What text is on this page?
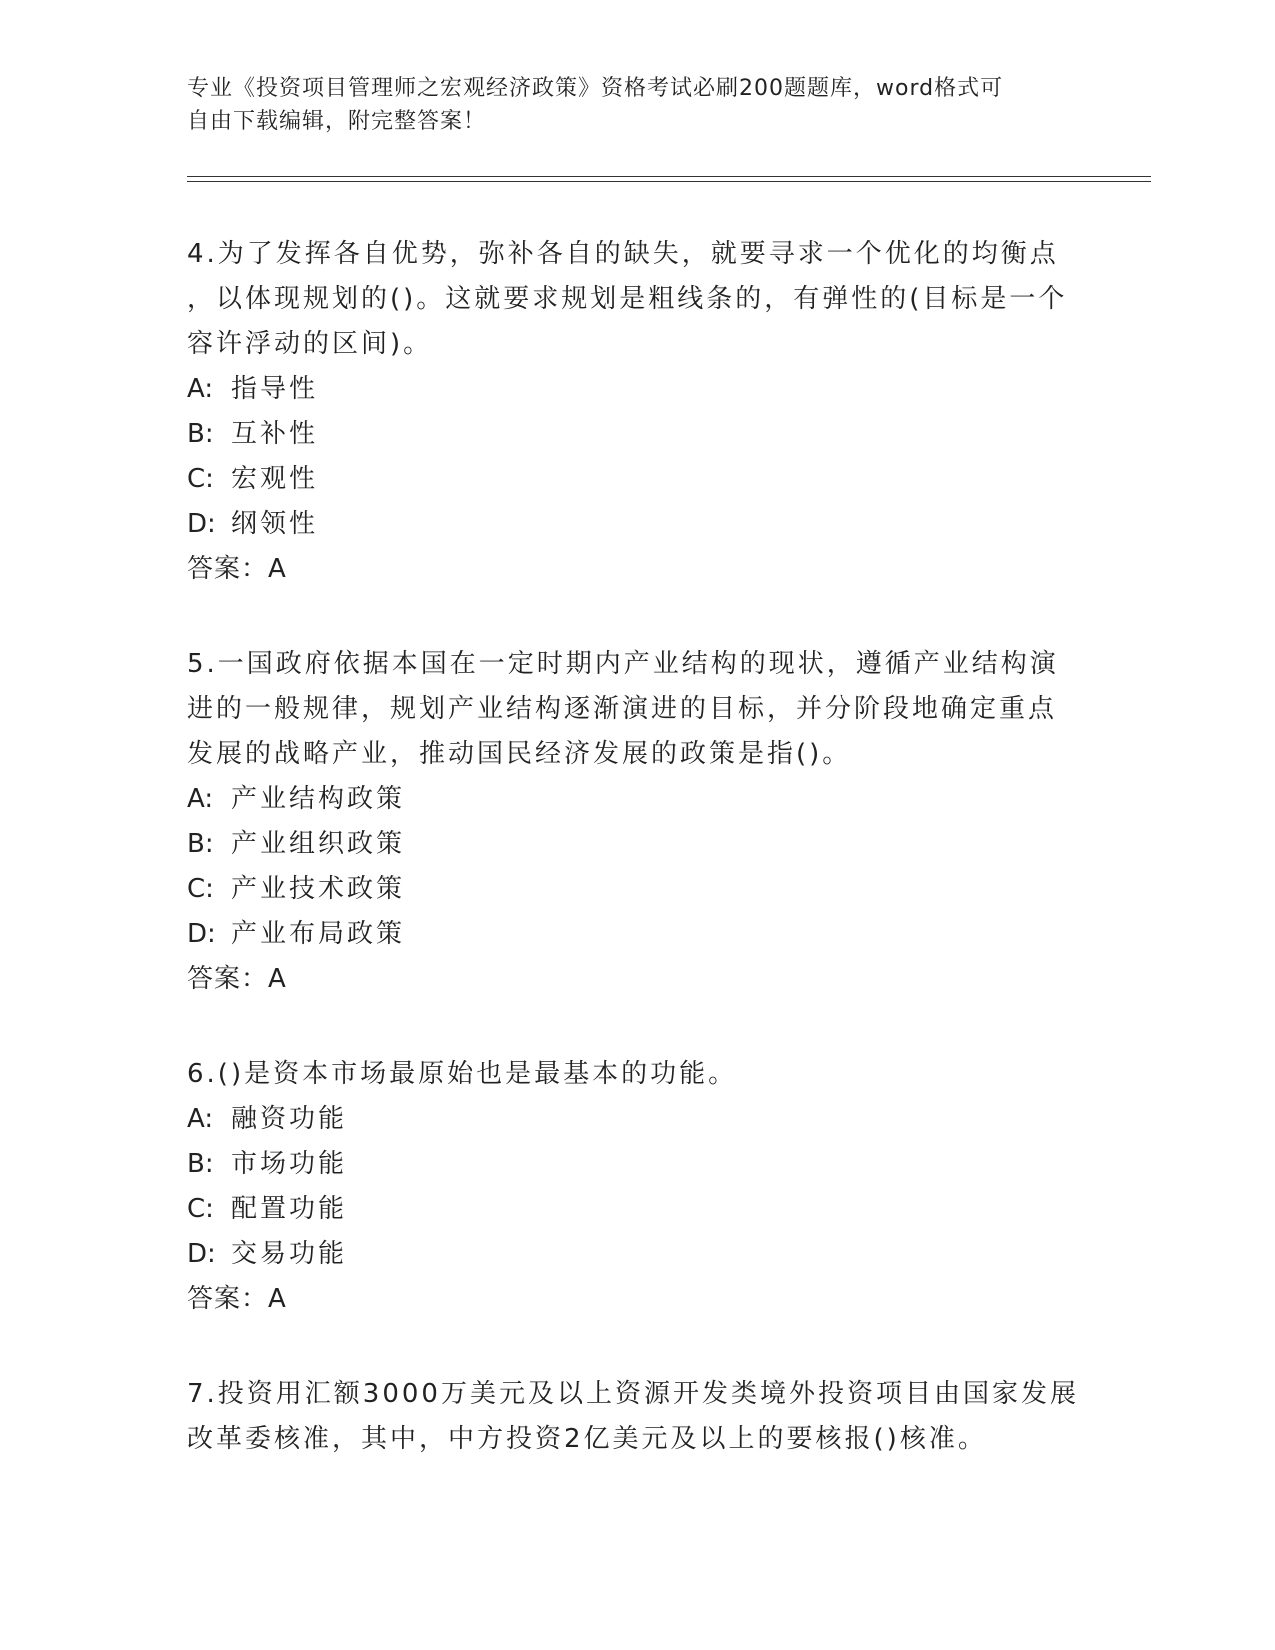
专业《投资项目管理师之宏观经济政策》资格考试必刷200题题库，word格式可
自由下载编辑，附完整答案！

4.为了发挥各自优势，弥补各自的缺失，就要寻求一个优化的均衡点

，以体现规划的()。这就要求规划是粗线条的，有弹性的(目标是一个

容许浮动的区间)。

A: 指导性

B: 互补性

C: 宏观性

D: 纲领性

答案：A

5.一国政府依据本国在一定时期内产业结构的现状，遵循产业结构演

进的一般规律，规划产业结构逐渐演进的目标，并分阶段地确定重点

发展的战略产业，推动国民经济发展的政策是指()。

A: 产业结构政策

B: 产业组织政策

C: 产业技术政策

D: 产业布局政策

答案：A

6.()是资本市场最原始也是最基本的功能。

A: 融资功能

B: 市场功能

C: 配置功能

D: 交易功能

答案：A

7.投资用汇额3000万美元及以上资源开发类境外投资项目由国家发展

改革委核准，其中，中方投资2亿美元及以上的要核报()核准。
